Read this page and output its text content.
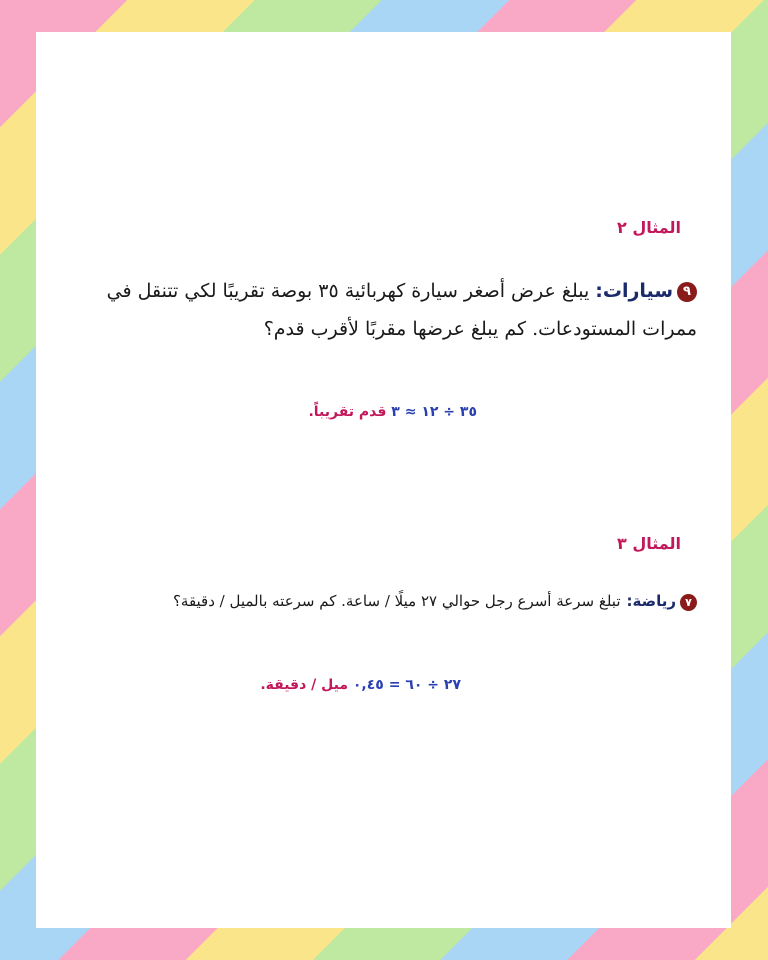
المثال ٢
٩سيارات:يبلغ عرض أصغر سيارة كهربائية ٣٥ بوصة تقريبًا لكي تتنقل في ممرات المستودعات. كم يبلغ عرضها مقربًا لأقرب قدم؟
٣٥ ÷ ١٢ ≈ ٣ قدم تقريباً.
المثال ٣
٧رياضة:تبلغ سرعة أسرع رجل حوالي ٢٧ ميلًا / ساعة. كم سرعته بالميل / دقيقة؟
٢٧ ÷ ٦٠ = ٠,٤٥ ميل / دقيقة.
